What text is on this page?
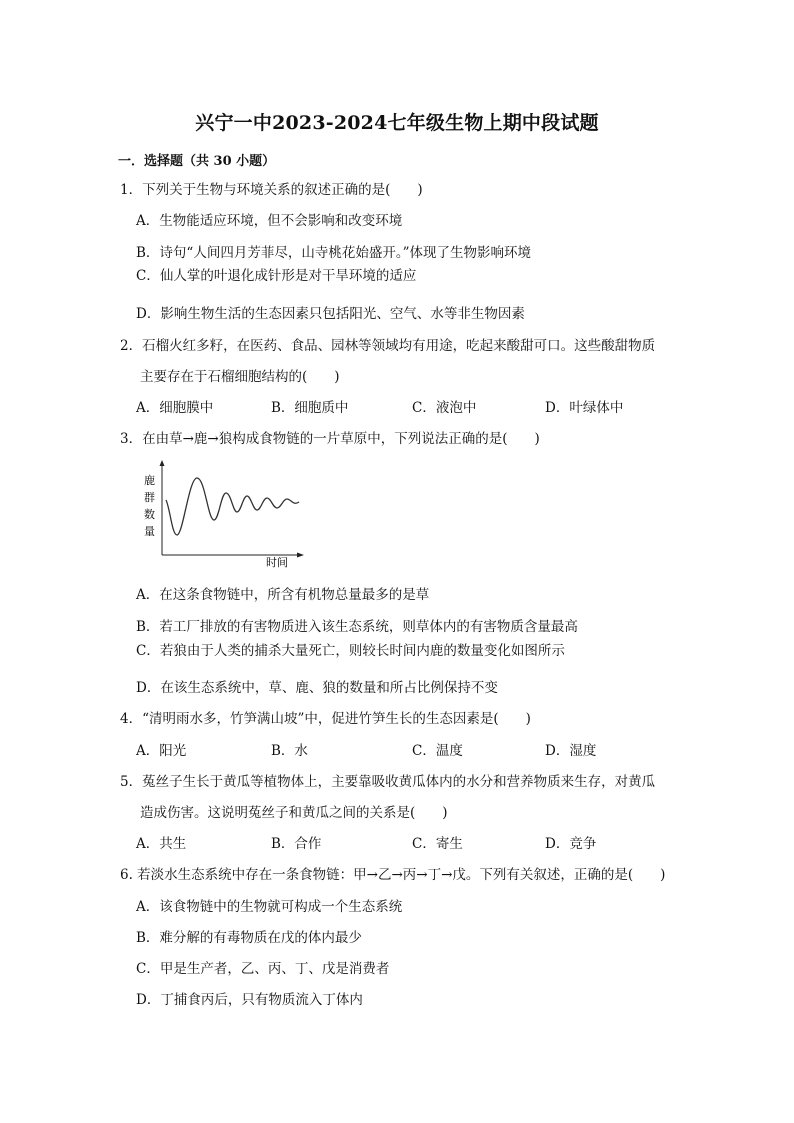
兴宁一中2023-2024七年级生物上期中段试题
一．选择题（共 30 小题）
1．下列关于生物与环境关系的叙述正确的是(　　)
A．生物能适应环境，但不会影响和改变环境
B．诗句“人间四月芳菲尽，山寺桃花始盛开。”体现了生物影响环境
C．仙人掌的叶退化成针形是对干旱环境的适应
D．影响生物生活的生态因素只包括阳光、空气、水等非生物因素
2．石榴火红多籽，在医药、食品、园林等领域均有用途，吃起来酸甜可口。这些酸甜物质
主要存在于石榴细胞结构的(　　)
A．细胞膜中	B．细胞质中	C．液泡中	D．叶绿体中
3．在由草→鹿→狼构成食物链的一片草原中，下列说法正确的是(　　)
鹿
群
数
量
时间
A．在这条食物链中，所含有机物总量最多的是草
B．若工厂排放的有害物质进入该生态系统，则草体内的有害物质含量最高
C．若狼由于人类的捕杀大量死亡，则较长时间内鹿的数量变化如图所示
D．在该生态系统中，草、鹿、狼的数量和所占比例保持不变
4．“清明雨水多，竹笋满山坡”中，促进竹笋生长的生态因素是(　　)
A．阳光	B．水	C．温度	D．湿度
5．菟丝子生长于黄瓜等植物体上，主要靠吸收黄瓜体内的水分和营养物质来生存，对黄瓜
造成伤害。这说明菟丝子和黄瓜之间的关系是(　　)
A．共生	B．合作	C．寄生	D．竞争
6. 若淡水生态系统中存在一条食物链：甲→乙→丙→丁→戊。下列有关叙述，正确的是(　　)
A．该食物链中的生物就可构成一个生态系统
B．难分解的有毒物质在戊的体内最少
C．甲是生产者，乙、丙、丁、戊是消费者
D．丁捕食丙后，只有物质流入丁体内
